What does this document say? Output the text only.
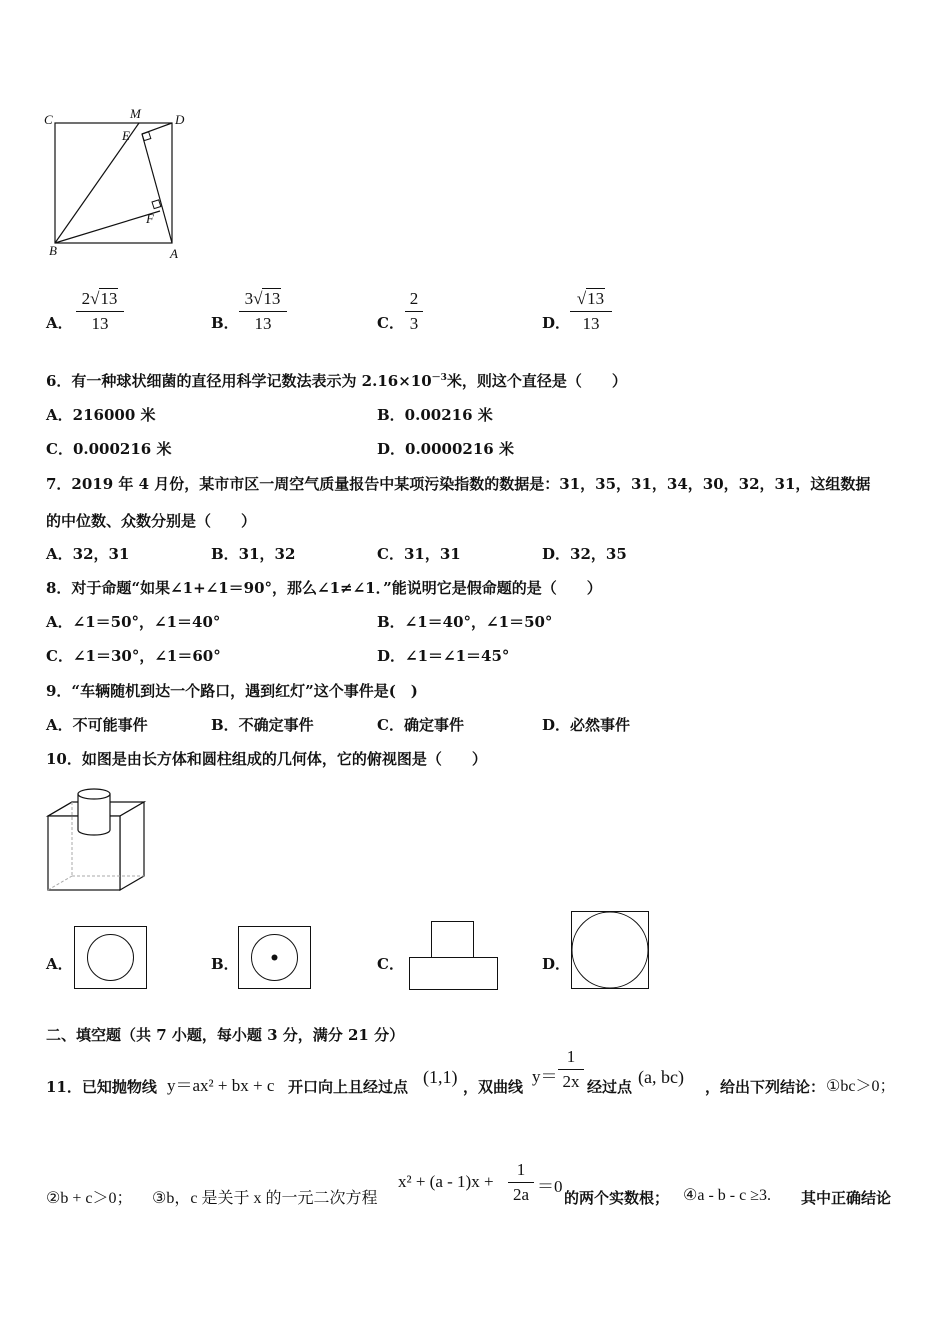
C	M	D
E
F
B	A
A．
2√13
13	B．
3√13
13	C．
2
3	D．
√13
13
6．有一种球状细菌的直径用科学记数法表示为 $2.16\times 10^{-3}$米，则这个直径是（　　）
A．216000 米	B．0.00216 米
C．0.000216 米	D．0.0000216 米
7．2019 年 4 月份，某市市区一周空气质量报告中某项污染指数的数据是：31，35，31，34，30，32，31，这组数据
的中位数、众数分别是（　　）
A．32，31	B．31，32	C．31，31	D．32，35
8．对于命题“如果∠1+∠1＝90°，那么∠1≠∠1．”能说明它是假命题的是（　　）
A．∠1＝50°，∠1＝40°	B．∠1＝40°，∠1＝50°
C．∠1＝30°，∠1＝60°	D．∠1＝∠1＝45°
9．“车辆随机到达一个路口，遇到红灯”这个事件是(　)
A．不可能事件	B．不确定事件	C．确定事件	D．必然事件
10．如图是由长方体和圆柱组成的几何体，它的俯视图是（　　）
A．	B．	C．	D．
二、填空题（共 7 小题，每小题 3 分，满分 21 分）
11．已知抛物线 y＝ax² + bx + c 开口向上且经过点 (1,1) ，双曲线
y＝
1
2x 经过点 (a, bc) ，给出下列结论： ①bc＞0；
②b + c＞0； ③b，c 是关于 x 的一元二次方程
x² + (a - 1)x +
1
2a ＝0
的两个实数根； ④a - b - c ≥3. 其中正确结论
